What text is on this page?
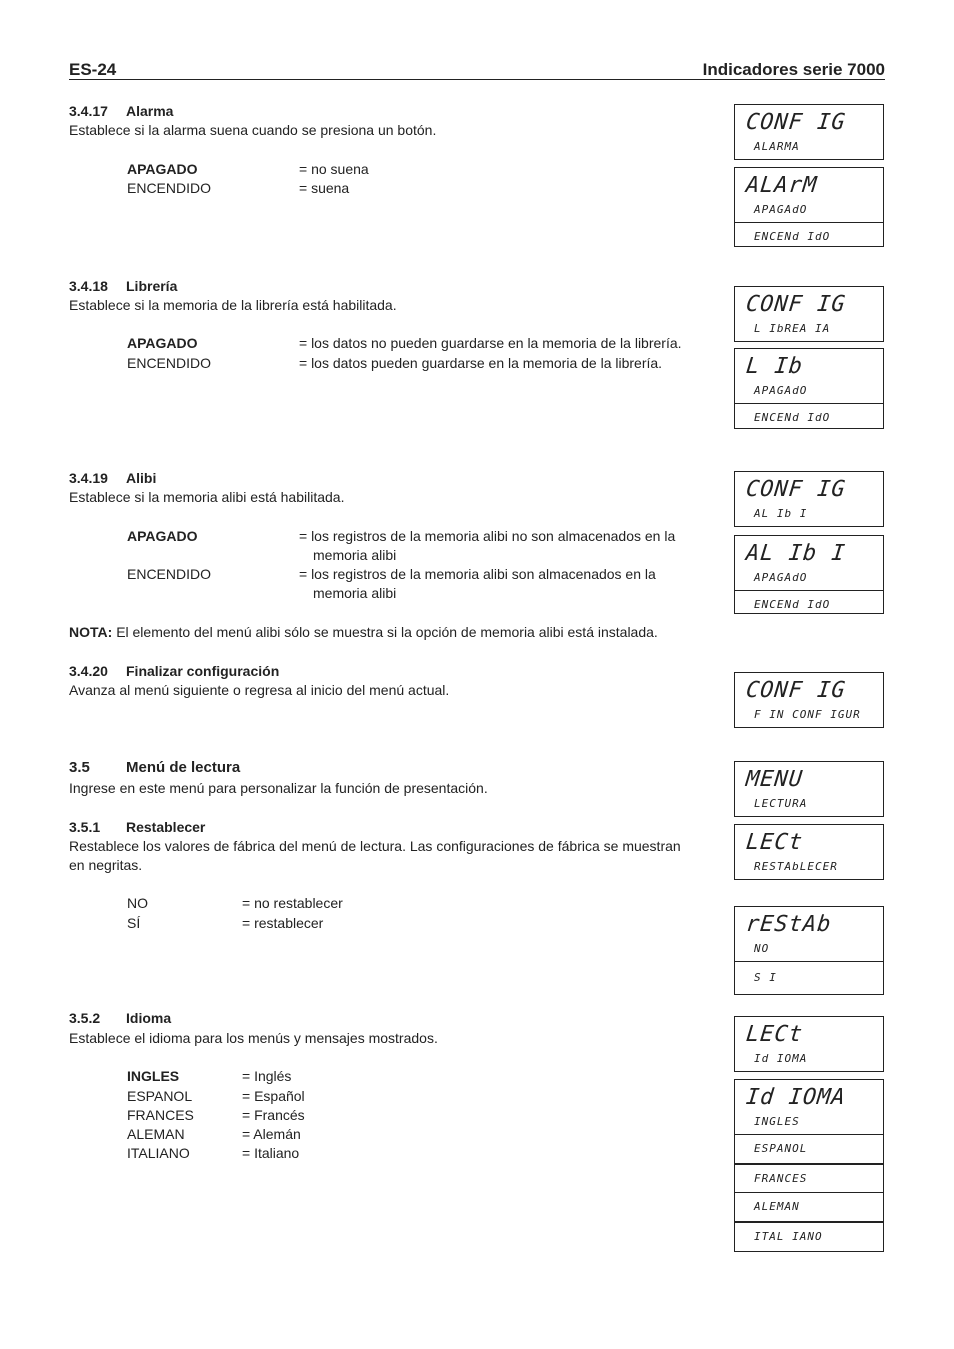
ES-24	Indicadores serie 7000
3.4.17 Alarma
Establece si la alarma suena cuando se presiona un botón.
APAGADO	= no suena
ENCENDIDO	= suena
CONF IG
ALARMA
ALArM
APAGAdO
ENCENd IdO
3.4.18 Librería
Establece si la memoria de la librería está habilitada.
APAGADO	= los datos no pueden guardarse en la memoria de la librería.
ENCENDIDO	= los datos pueden guardarse en la memoria de la librería.
CONF IG
L IbREA IA
L Ib
APAGAdO
ENCENd IdO
3.4.19 Alibi
Establece si la memoria alibi está habilitada.
APAGADO	= los registros de la memoria alibi no son almacenados en la
memoria alibi
ENCENDIDO	= los registros de la memoria alibi son almacenados en la
memoria alibi
NOTA: El elemento del menú alibi sólo se muestra si la opción de memoria alibi está instalada.
CONF IG
AL Ib I
AL Ib I
APAGAdO
ENCENd IdO
3.4.20 Finalizar configuración
Avanza al menú siguiente o regresa al inicio del menú actual.	CONF IG
F IN CONF IGUR
3.5 Menú de lectura
Ingrese en este menú para personalizar la función de presentación.	MENU
LECTURA
3.5.1 Restablecer
Restablece los valores de fábrica del menú de lectura. Las configuraciones de fábrica se muestran
en negritas.
NO	= no restablecer
SÍ	= restablecer
LECt
RESTAbLECER
rEStAb
NO
S I
3.5.2 Idioma
Establece el idioma para los menús y mensajes mostrados.
INGLES	= Inglés
ESPANOL	= Español
FRANCES	= Francés
ALEMAN	= Alemán
ITALIANO	= Italiano
LECt
Id IOMA
Id IOMA
INGLES
ESPANOL
FRANCES
ALEMAN
ITAL IANO
